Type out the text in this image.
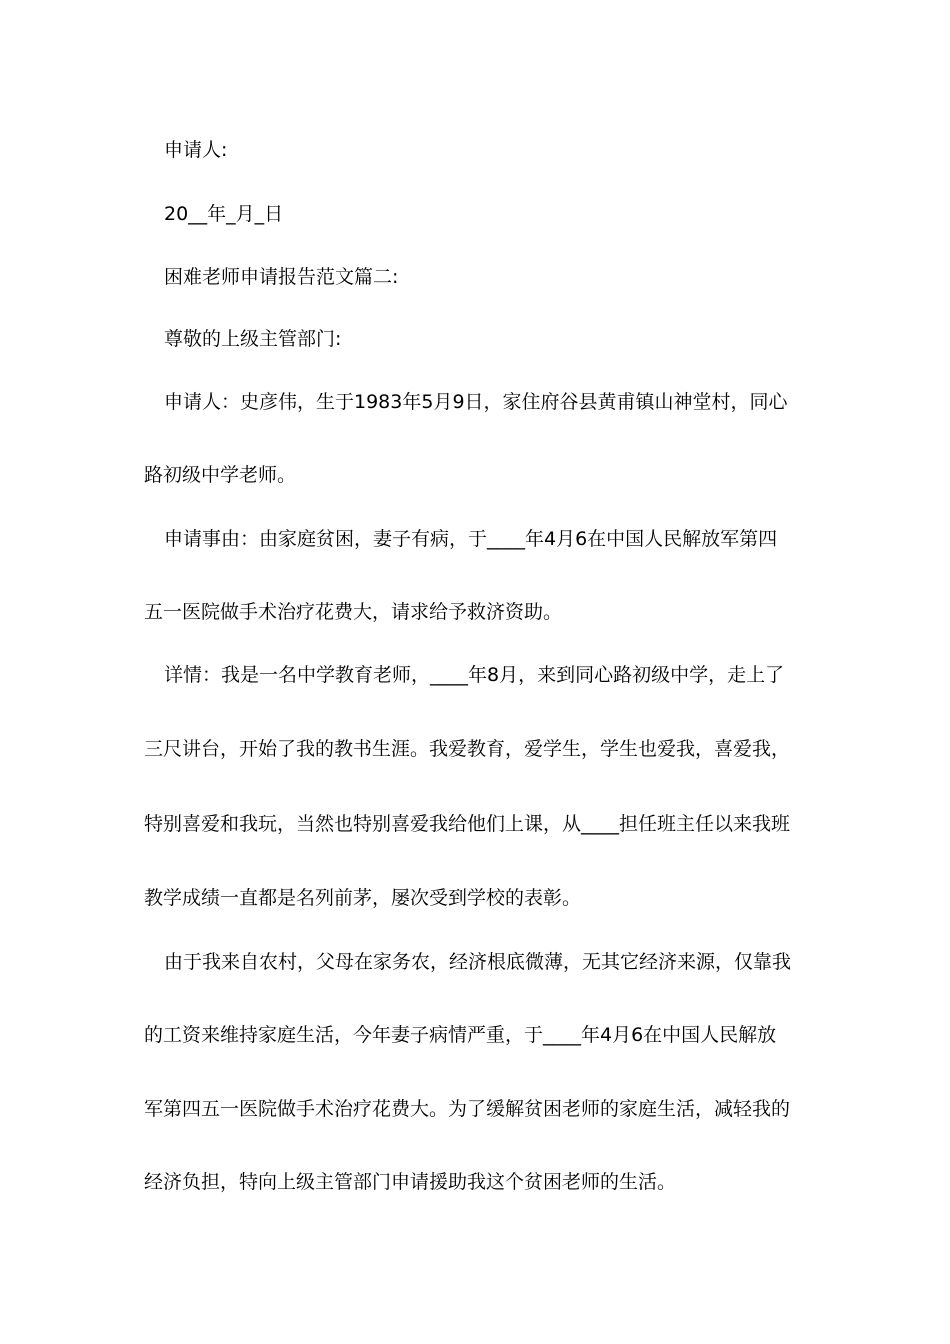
申请人:
20__年_月_日
困难老师申请报告范文篇二:
尊敬的上级主管部门:
申请人：史彦伟，生于1983年5月9日，家住府谷县黄甫镇山神堂村，同心
路初级中学老师。
申请事由：由家庭贫困，妻子有病，于____年4月6在中国人民解放军第四
五一医院做手术治疗花费大，请求给予救济资助。
详情：我是一名中学教育老师，____年8月，来到同心路初级中学，走上了
三尺讲台，开始了我的教书生涯。我爱教育，爱学生，学生也爱我，喜爱我，
特别喜爱和我玩，当然也特别喜爱我给他们上课，从____担任班主任以来我班
教学成绩一直都是名列前茅，屡次受到学校的表彰。
由于我来自农村，父母在家务农，经济根底微薄，无其它经济来源，仅靠我
的工资来维持家庭生活，今年妻子病情严重，于____年4月6在中国人民解放
军第四五一医院做手术治疗花费大。为了缓解贫困老师的家庭生活，减轻我的
经济负担，特向上级主管部门申请援助我这个贫困老师的生活。
